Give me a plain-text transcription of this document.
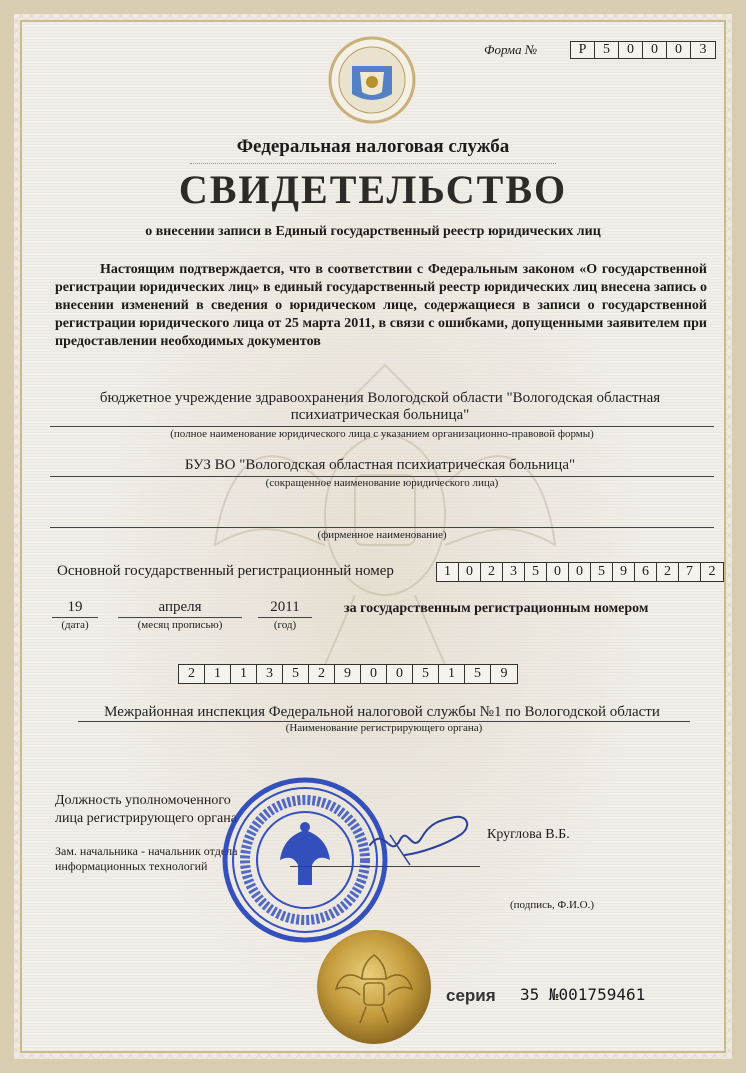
Форма №	Р	5	0	0	0	3
Федеральная налоговая служба
СВИДЕТЕЛЬСТВО
о внесении записи в Единый государственный реестр юридических лиц
Настоящим подтверждается, что в соответствии с Федеральным законом «О государственной регистрации юридических лиц» в единый государственный реестр юридических лиц внесена запись о внесении изменений в сведения о юридическом лице, содержащиеся в записи о государственной регистрации юридического лица от 25 марта 2011, в связи с ошибками, допущенными заявителем при предоставлении необходимых документов
бюджетное учреждение здравоохранения Вологодской области "Вологодская областная
психиатрическая больница"
(полное наименование юридического лица с указанием организационно-правовой формы)
БУЗ ВО "Вологодская областная психиатрическая больница"
(сокращенное наименование юридического лица)
(фирменное наименование)
Основной государственный регистрационный номер	1	0	2	3	5	0	0	5	9	6	2	7	2
19
(дата)
апреля
(месяц прописью)
2011
(год)
за государственным регистрационным номером
2	1	1	3	5	2	9	0	0	5	1	5	9
Межрайонная инспекция Федеральной налоговой службы №1 по Вологодской области
(Наименование регистрирующего органа)
Должность уполномоченного
лица регистрирующего органа
Зам. начальника - начальник отдела
информационных технологий
Круглова В.Б.
(подпись, Ф.И.О.)
серия 35 №001759461
